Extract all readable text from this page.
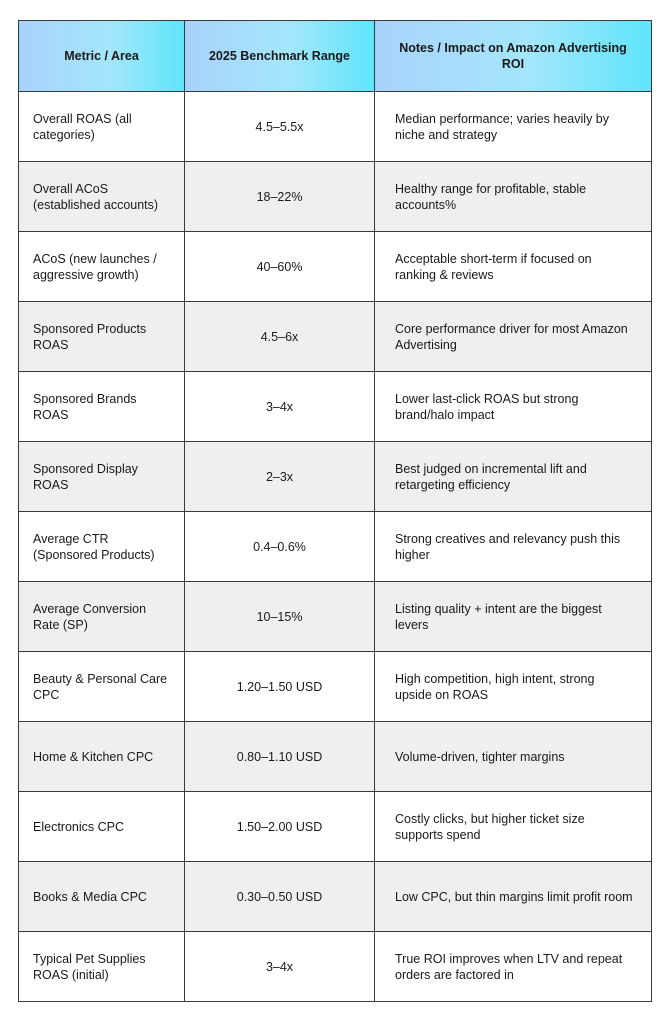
Metric / Area	2025 Benchmark Range	Notes / Impact on Amazon Advertising ROI
Overall ROAS (all categories)	4.5–5.5x	Median performance; varies heavily by niche and strategy
Overall ACoS (established accounts)	18–22%	Healthy range for profitable, stable accounts%
ACoS (new launches / aggressive growth)	40–60%	Acceptable short-term if focused on ranking & reviews
Sponsored Products ROAS	4.5–6x	Core performance driver for most Amazon Advertising
Sponsored Brands ROAS	3–4x	Lower last-click ROAS but strong brand/halo impact
Sponsored Display ROAS	2–3x	Best judged on incremental lift and retargeting efficiency
Average CTR (Sponsored Products)	0.4–0.6%	Strong creatives and relevancy push this higher
Average Conversion Rate (SP)	10–15%	Listing quality + intent are the biggest levers
Beauty & Personal Care CPC	1.20–1.50 USD	High competition, high intent, strong upside on ROAS
Home & Kitchen CPC	0.80–1.10 USD	Volume-driven, tighter margins
Electronics CPC	1.50–2.00 USD	Costly clicks, but higher ticket size supports spend
Books & Media CPC	0.30–0.50 USD	Low CPC, but thin margins limit profit room
Typical Pet Supplies ROAS (initial)	3–4x	True ROI improves when LTV and repeat orders are factored in
